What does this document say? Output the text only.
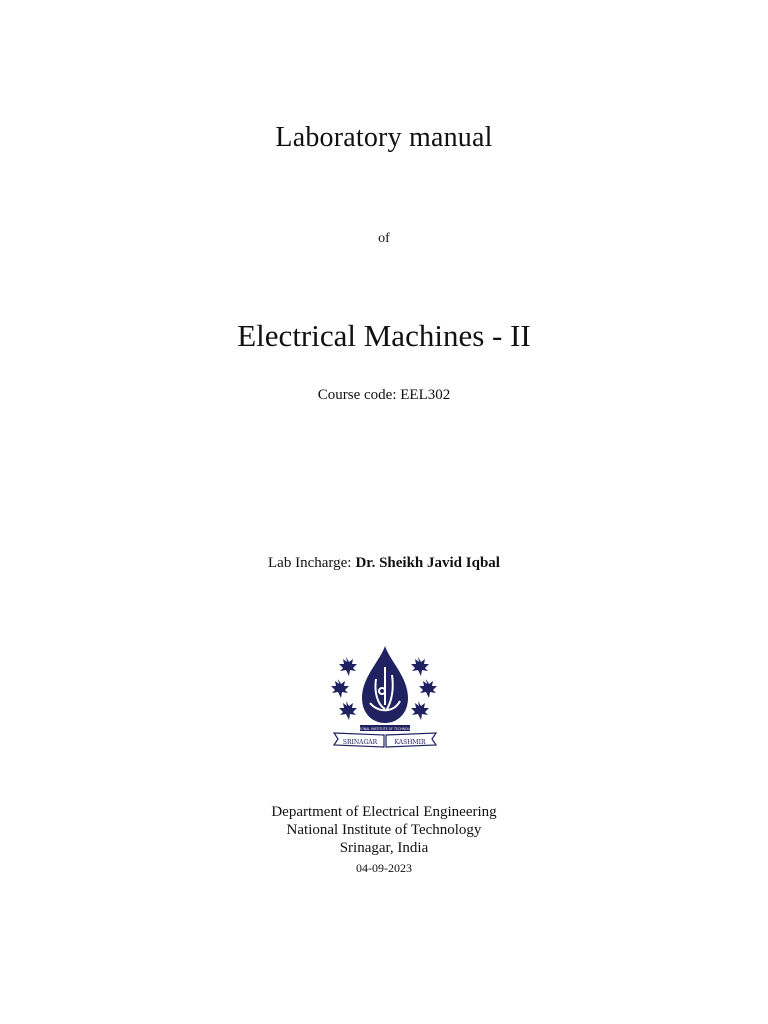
Laboratory manual
of
Electrical Machines - II
Course code: EEL302
Lab Incharge: Dr. Sheikh Javid Iqbal
SRINAGAR	KASHMIR
NATIONAL INSTITUTE OF TECHNOLOGY
Department of Electrical Engineering
National Institute of Technology
Srinagar, India
04-09-2023
